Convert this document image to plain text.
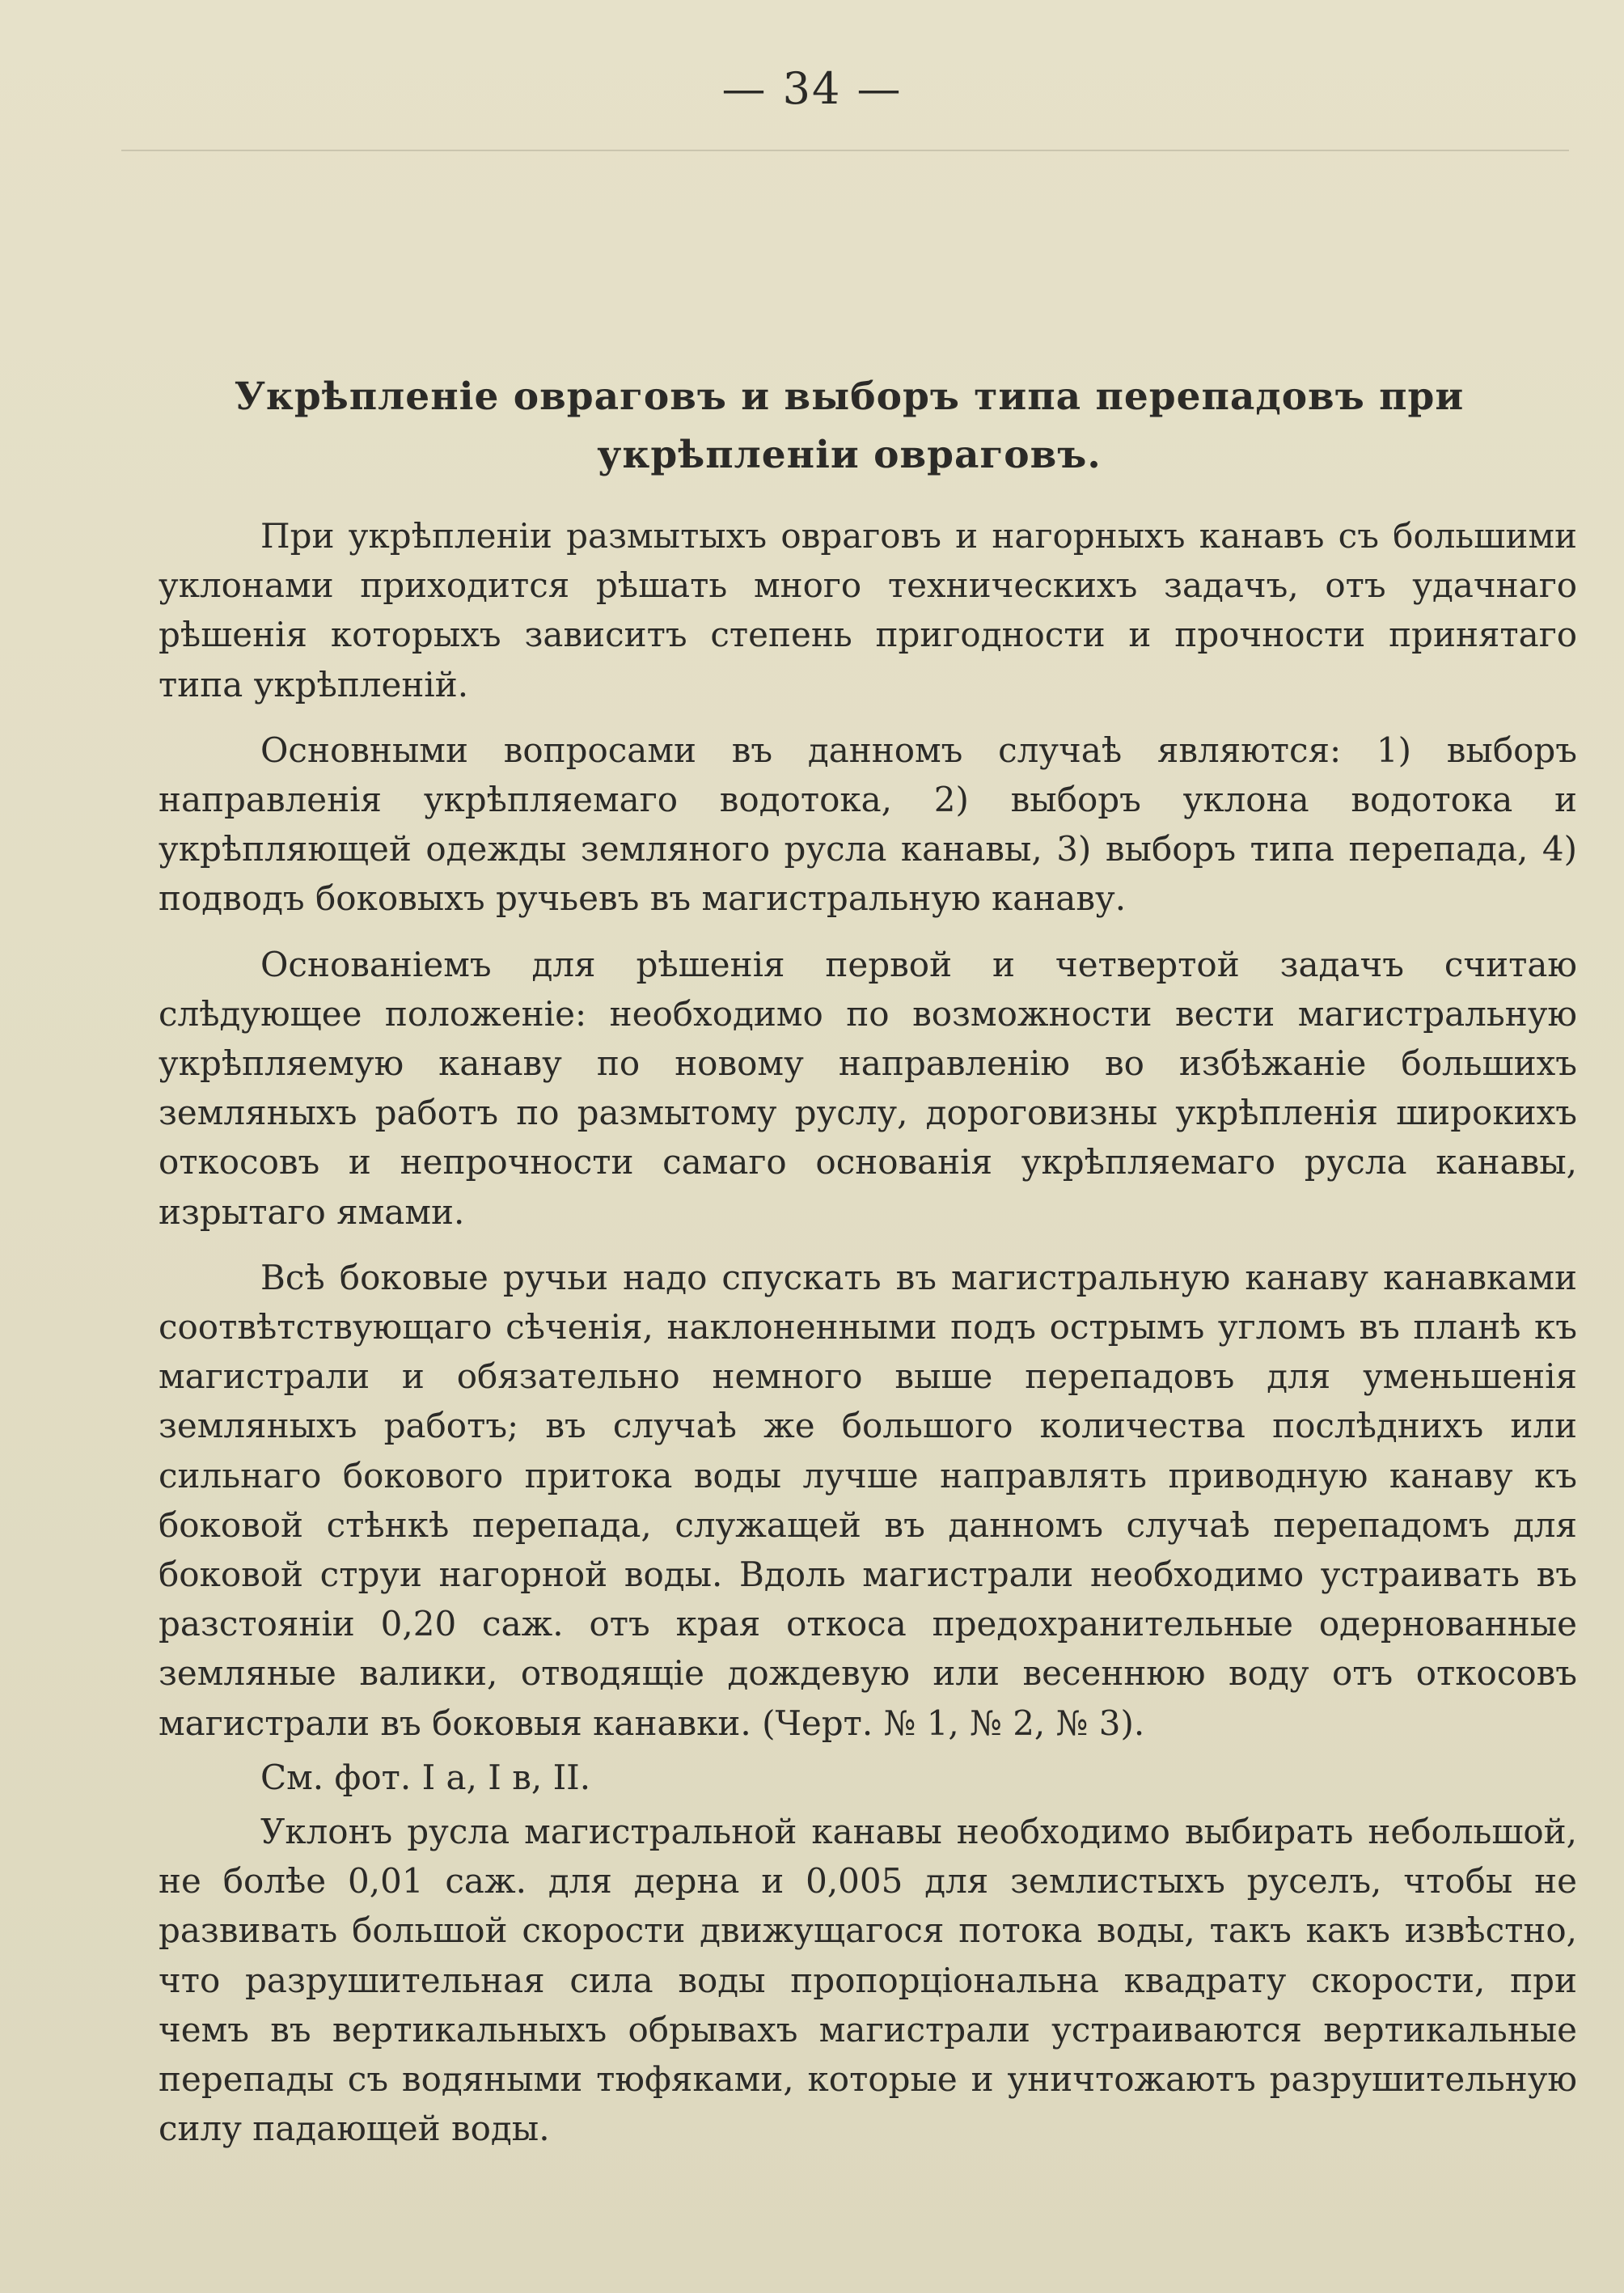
— 34 —
Укрѣпленіе овраговъ и выборъ типа перепадовъ при укрѣпленіи овраговъ.

При укрѣпленіи размытыхъ овраговъ и нагорныхъ канавъ съ большими уклонами приходится рѣшать много техническихъ задачъ, отъ удачнаго рѣшенія которыхъ зависитъ степень пригодности и прочности принятаго типа укрѣпленій.

Основными вопросами въ данномъ случаѣ являются: 1) выборъ направленія укрѣпляемаго водотока, 2) выборъ уклона водотока и укрѣпляющей одежды земляного русла канавы, 3) выборъ типа перепада, 4) подводъ боковыхъ ручьевъ въ магистральную канаву.

Основаніемъ для рѣшенія первой и четвертой задачъ считаю слѣдующее положеніе: необходимо по возможности вести магистральную укрѣпляемую канаву по новому направленію во избѣжаніе большихъ земляныхъ работъ по размытому руслу, дороговизны укрѣпленія широкихъ откосовъ и непрочности самаго основанія укрѣпляемаго русла канавы, изрытаго ямами.

Всѣ боковые ручьи надо спускать въ магистральную канаву канавками соотвѣтствующаго сѣченія, наклоненными подъ острымъ угломъ въ планѣ къ магистрали и обязательно немного выше перепадовъ для уменьшенія земляныхъ работъ; въ случаѣ же большого количества послѣднихъ или сильнаго бокового притока воды лучше направлять приводную канаву къ боковой стѣнкѣ перепада, служащей въ данномъ случаѣ перепадомъ для боковой струи нагорной воды. Вдоль магистрали необходимо устраивать въ разстояніи 0,20 саж. отъ края откоса предохранительные одернованные земляные валики, отводящіе дождевую или весеннюю воду отъ откосовъ магистрали въ боковыя канавки. (Черт. № 1, № 2, № 3).

См. фот. I а, I в, II.

Уклонъ русла магистральной канавы необходимо выбирать небольшой, не болѣе 0,01 саж. для дерна и 0,005 для землистыхъ руселъ, чтобы не развивать большой скорости движущагося потока воды, такъ какъ извѣстно, что разрушительная сила воды пропорціональна квадрату скорости, при чемъ въ вертикальныхъ обрывахъ магистрали устраиваются вертикальные перепады съ водяными тюфяками, которые и уничтожаютъ разрушительную силу падающей воды.
